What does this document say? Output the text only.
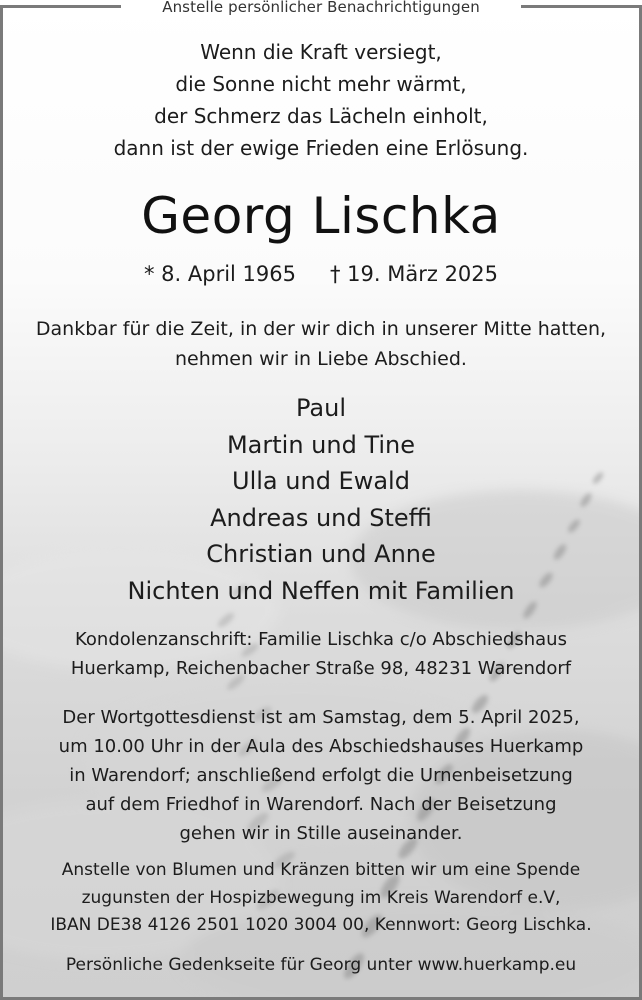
Anstelle persönlicher Benachrichtigungen
Wenn die Kraft versiegt,
die Sonne nicht mehr wärmt,
der Schmerz das Lächeln einholt,
dann ist der ewige Frieden eine Erlösung.
Georg Lischka
* 8. April 1965 † 19. März 2025
Dankbar für die Zeit, in der wir dich in unserer Mitte hatten,
nehmen wir in Liebe Abschied.
Paul
Martin und Tine
Ulla und Ewald
Andreas und Steffi
Christian und Anne
Nichten und Neffen mit Familien
Kondolenzanschrift: Familie Lischka c/o Abschiedshaus
Huerkamp, Reichenbacher Straße 98, 48231 Warendorf
Der Wortgottesdienst ist am Samstag, dem 5. April 2025,
um 10.00 Uhr in der Aula des Abschiedshauses Huerkamp
in Warendorf; anschließend erfolgt die Urnenbeisetzung
auf dem Friedhof in Warendorf. Nach der Beisetzung
gehen wir in Stille auseinander.
Anstelle von Blumen und Kränzen bitten wir um eine Spende
zugunsten der Hospizbewegung im Kreis Warendorf e.V,
IBAN DE38 4126 2501 1020 3004 00, Kennwort: Georg Lischka.
Persönliche Gedenkseite für Georg unter www.huerkamp.eu
